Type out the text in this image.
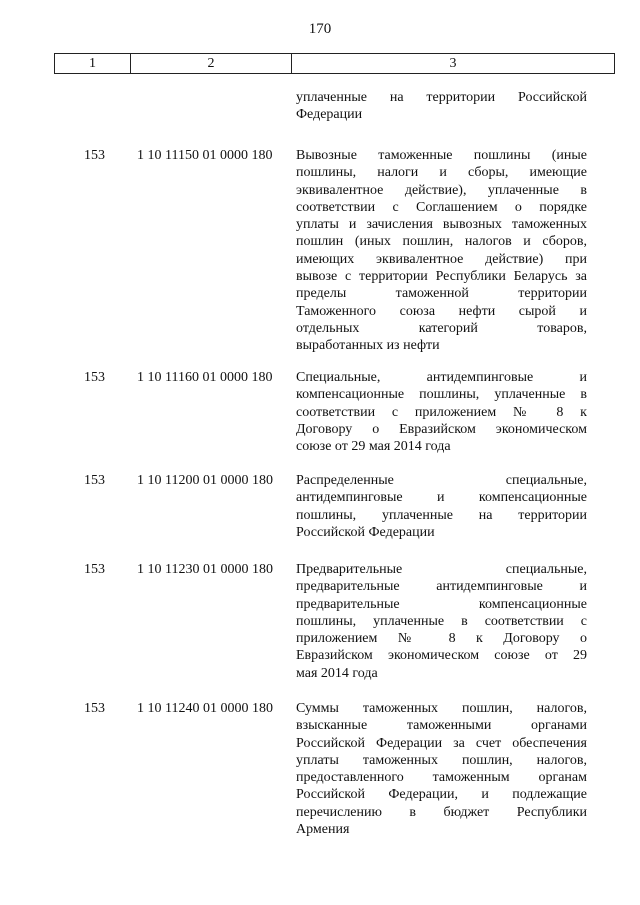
170
1	2	3
уплаченные на территории Российской
Федерации
153 1 10 11150 01 0000 180 Вывозные таможенные пошлины (иные
пошлины, налоги и сборы, имеющие
эквивалентное действие), уплаченные в
соответствии с Соглашением о порядке
уплаты и зачисления вывозных таможенных
пошлин (иных пошлин, налогов и сборов,
имеющих эквивалентное действие) при
вывозе с территории Республики Беларусь за
пределы таможенной территории
Таможенного союза нефти сырой и
отдельных категорий товаров,
выработанных из нефти
153 1 10 11160 01 0000 180 Специальные, антидемпинговые и
компенсационные пошлины, уплаченные в
соответствии с приложением № 8 к
Договору о Евразийском экономическом
союзе от 29 мая 2014 года
153 1 10 11200 01 0000 180 Распределенные специальные,
антидемпинговые и компенсационные
пошлины, уплаченные на территории
Российской Федерации
153 1 10 11230 01 0000 180 Предварительные специальные,
предварительные антидемпинговые и
предварительные компенсационные
пошлины, уплаченные в соответствии с
приложением № 8 к Договору о
Евразийском экономическом союзе от 29
мая 2014 года
153 1 10 11240 01 0000 180 Суммы таможенных пошлин, налогов,
взысканные таможенными органами
Российской Федерации за счет обеспечения
уплаты таможенных пошлин, налогов,
предоставленного таможенным органам
Российской Федерации, и подлежащие
перечислению в бюджет Республики
Армения
